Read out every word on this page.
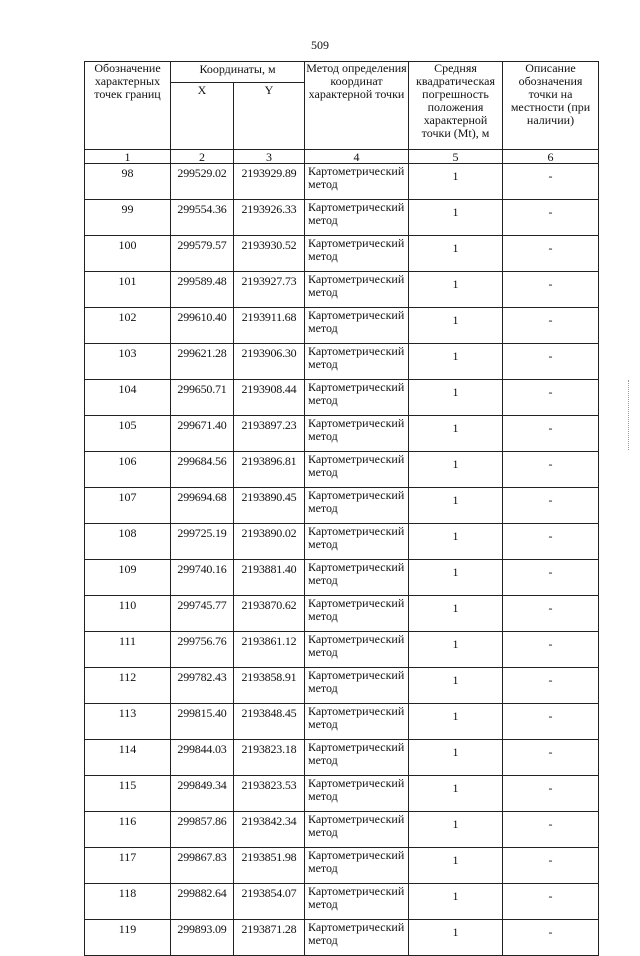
509
Обозначение характерных точек границ	Координаты, м		Метод определения координат характерной точки	Средняя квадратическая погрешность положения характерной точки (Mt), м	Описание обозначения точки на местности (при наличии)
	X	Y			
1	2	3	4	5	6
98	299529.02	2193929.89	Картометрический метод	1	-
99	299554.36	2193926.33	Картометрический метод	1	-
100	299579.57	2193930.52	Картометрический метод	1	-
101	299589.48	2193927.73	Картометрический метод	1	-
102	299610.40	2193911.68	Картометрический метод	1	-
103	299621.28	2193906.30	Картометрический метод	1	-
104	299650.71	2193908.44	Картометрический метод	1	-
105	299671.40	2193897.23	Картометрический метод	1	-
106	299684.56	2193896.81	Картометрический метод	1	-
107	299694.68	2193890.45	Картометрический метод	1	-
108	299725.19	2193890.02	Картометрический метод	1	-
109	299740.16	2193881.40	Картометрический метод	1	-
110	299745.77	2193870.62	Картометрический метод	1	-
111	299756.76	2193861.12	Картометрический метод	1	-
112	299782.43	2193858.91	Картометрический метод	1	-
113	299815.40	2193848.45	Картометрический метод	1	-
114	299844.03	2193823.18	Картометрический метод	1	-
115	299849.34	2193823.53	Картометрический метод	1	-
116	299857.86	2193842.34	Картометрический метод	1	-
117	299867.83	2193851.98	Картометрический метод	1	-
118	299882.64	2193854.07	Картометрический метод	1	-
119	299893.09	2193871.28	Картометрический метод	1	-
